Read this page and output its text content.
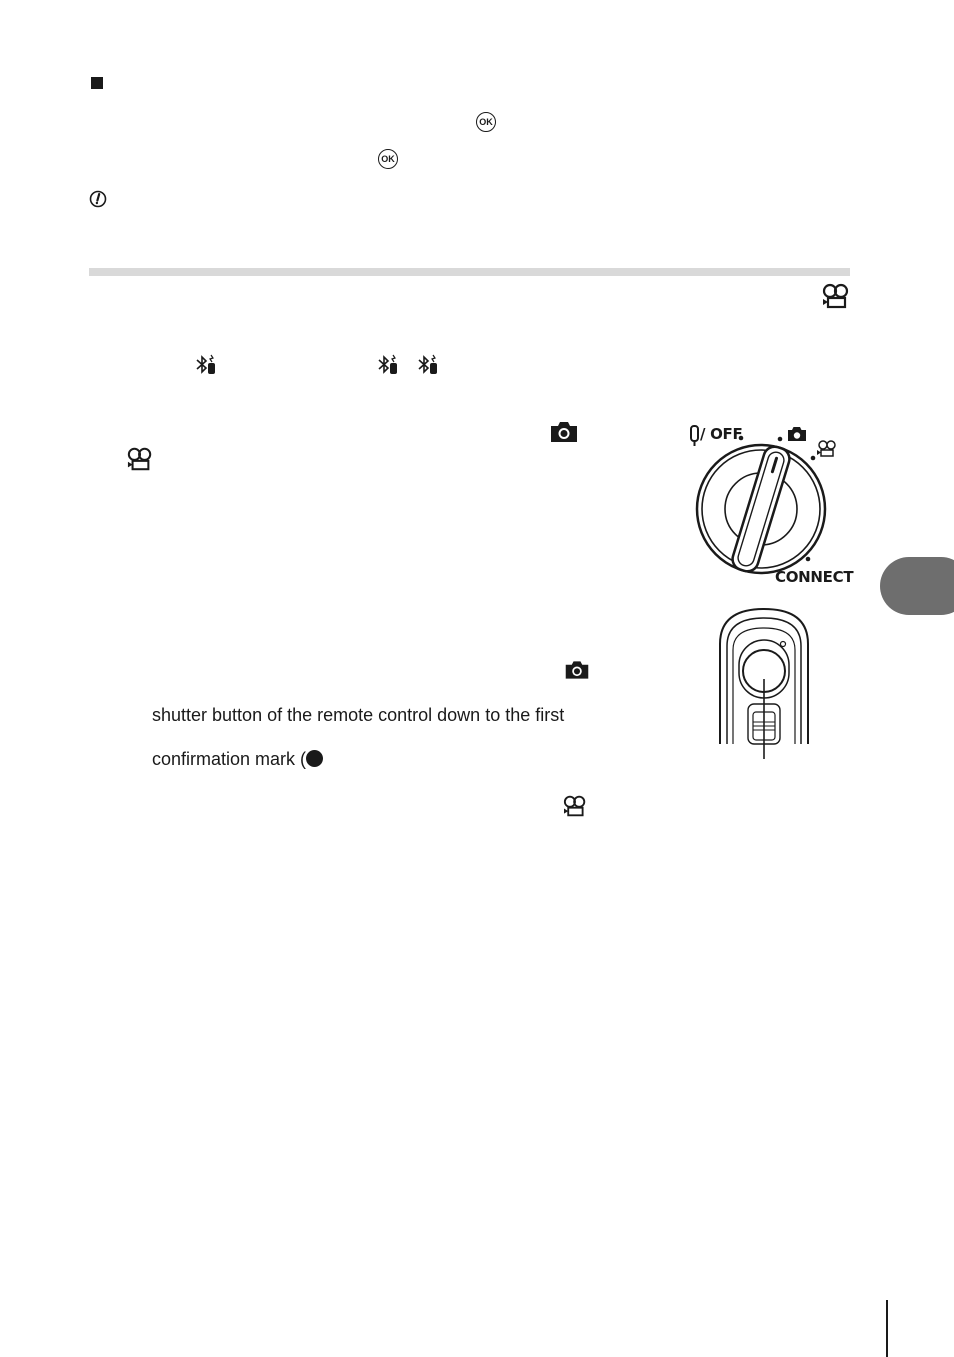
OK
OK
/ OFF
CONNECT
shutter button of the remote control down to the first
confirmation mark (
